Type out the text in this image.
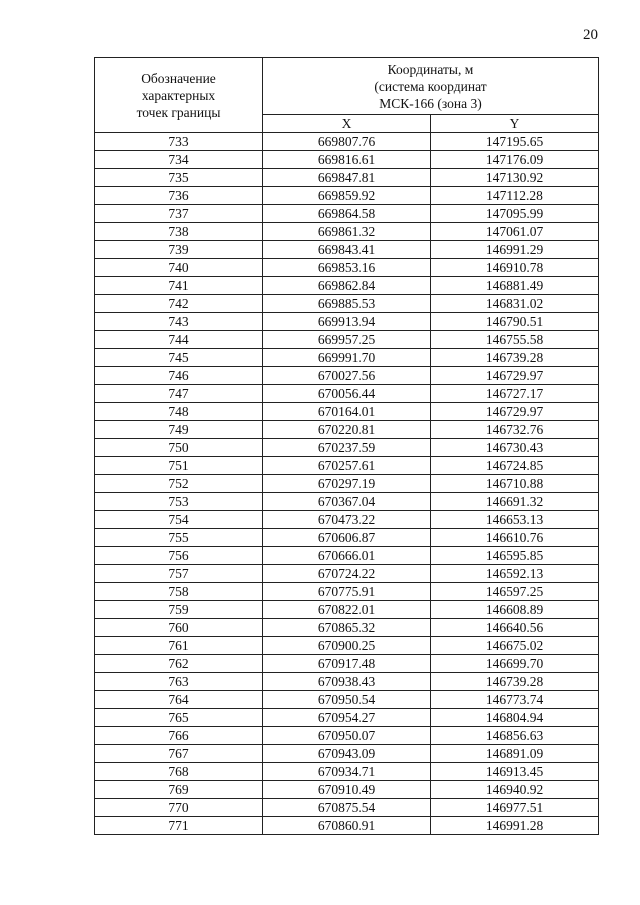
20
Обозначение
характерных
точек границы	Координаты, м
(система координат
МСК-166 (зона 3)	

	X	Y
733	669807.76	147195.65
734	669816.61	147176.09
735	669847.81	147130.92
736	669859.92	147112.28
737	669864.58	147095.99
738	669861.32	147061.07
739	669843.41	146991.29
740	669853.16	146910.78
741	669862.84	146881.49
742	669885.53	146831.02
743	669913.94	146790.51
744	669957.25	146755.58
745	669991.70	146739.28
746	670027.56	146729.97
747	670056.44	146727.17
748	670164.01	146729.97
749	670220.81	146732.76
750	670237.59	146730.43
751	670257.61	146724.85
752	670297.19	146710.88
753	670367.04	146691.32
754	670473.22	146653.13
755	670606.87	146610.76
756	670666.01	146595.85
757	670724.22	146592.13
758	670775.91	146597.25
759	670822.01	146608.89
760	670865.32	146640.56
761	670900.25	146675.02
762	670917.48	146699.70
763	670938.43	146739.28
764	670950.54	146773.74
765	670954.27	146804.94
766	670950.07	146856.63
767	670943.09	146891.09
768	670934.71	146913.45
769	670910.49	146940.92
770	670875.54	146977.51
771	670860.91	146991.28
